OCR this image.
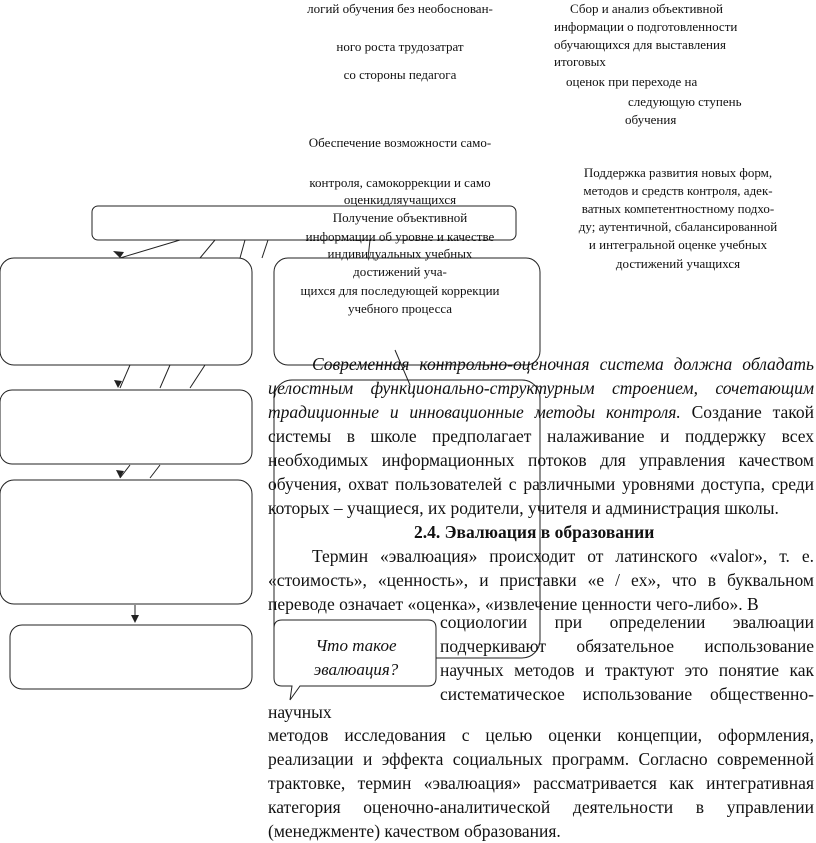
логий обучения без необоснован-
ного роста трудозатрат
со стороны педагога
Обеспечение возможности само-
контроля, самокоррекции и само
оценкидляучащихся
Получение объективной
информации об уровне и качестве
индивидуальных учебных
достижений уча-
щихся для последующей коррекции
учебного процесса
Сбор и анализ объективной
информации о подготовленности
обучающихся для выставления
итоговых
оценок при переходе на
следующую ступень
обучения
Поддержка развития новых форм,
методов и средств контроля, адек-
ватных компетентностному подхо-
ду; аутентичной, сбалансированной
и интегральной оценке учебных
достижений учащихся
Современная контрольно-оценочная система должна обладать целостным функционально-структурным строением, сочетающим традиционные и инновационные методы контроля. Создание такой системы в школе предполагает налаживание и поддержку всех необходимых информационных потоков для управления качеством обучения, охват пользователей с различными уровнями доступа, среди которых – учащиеся, их родители, учителя и администрация школы.
2.4. Эвалюация в образовании
Термин «эвалюация» происходит от латинского «valor», т. е. «стоимость», «ценность», и приставки «e / ex», что в буквальном переводе означает «оценка», «извлечение ценности чего-либо». В
социологии при определении эвалюации
подчеркивают обязательное использование
научных методов и трактуют это понятие как
систематическое использование общественно-
Что такое
эвалюация?
научных
методов исследования с целью оценки концепции, оформления, реализации и эффекта социальных программ. Согласно современной трактовке, термин «эвалюация» рассматривается как интегративная категория оценочно-аналитической деятельности в управлении (менеджменте) качеством образования.
